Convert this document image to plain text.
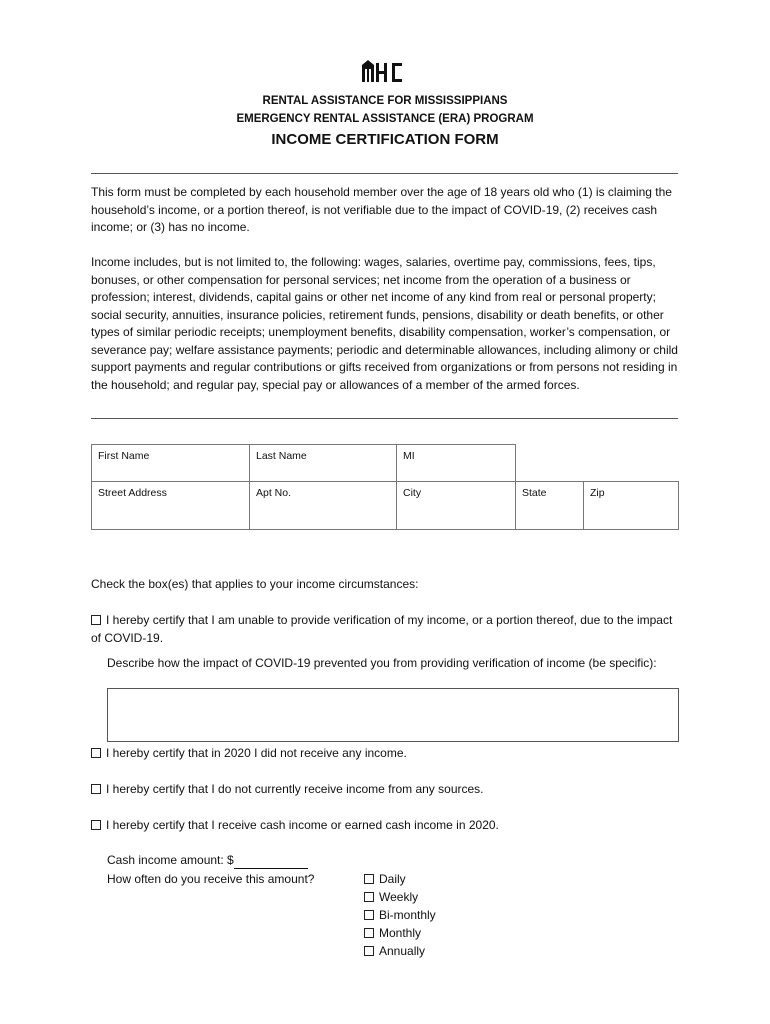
RENTAL ASSISTANCE FOR MISSISSIPPIANS
EMERGENCY RENTAL ASSISTANCE (ERA) PROGRAM
INCOME CERTIFICATION FORM
This form must be completed by each household member over the age of 18 years old who (1) is claiming the household’s income, or a portion thereof, is not verifiable due to the impact of COVID-19, (2) receives cash income; or (3) has no income.
Income includes, but is not limited to, the following: wages, salaries, overtime pay, commissions, fees, tips, bonuses, or other compensation for personal services; net income from the operation of a business or profession; interest, dividends, capital gains or other net income of any kind from real or personal property; social security, annuities, insurance policies, retirement funds, pensions, disability or death benefits, or other types of similar periodic receipts; unemployment benefits, disability compensation, worker’s compensation, or severance pay; welfare assistance payments; periodic and determinable allowances, including alimony or child support payments and regular contributions or gifts received from organizations or from persons not residing in the household; and regular pay, special pay or allowances of a member of the armed forces.
First Name	Last Name	MI		
Street Address	Apt No.	City	State	Zip
Check the box(es) that applies to your income circumstances:
I hereby certify that I am unable to provide verification of my income, or a portion thereof, due to the impact of COVID-19.
Describe how the impact of COVID-19 prevented you from providing verification of income (be specific):
I hereby certify that in 2020 I did not receive any income.
I hereby certify that I do not currently receive income from any sources.
I hereby certify that I receive cash income or earned cash income in 2020.
Cash income amount: $
How often do you receive this amount?	Daily
Weekly
Bi-monthly
Monthly
Annually
